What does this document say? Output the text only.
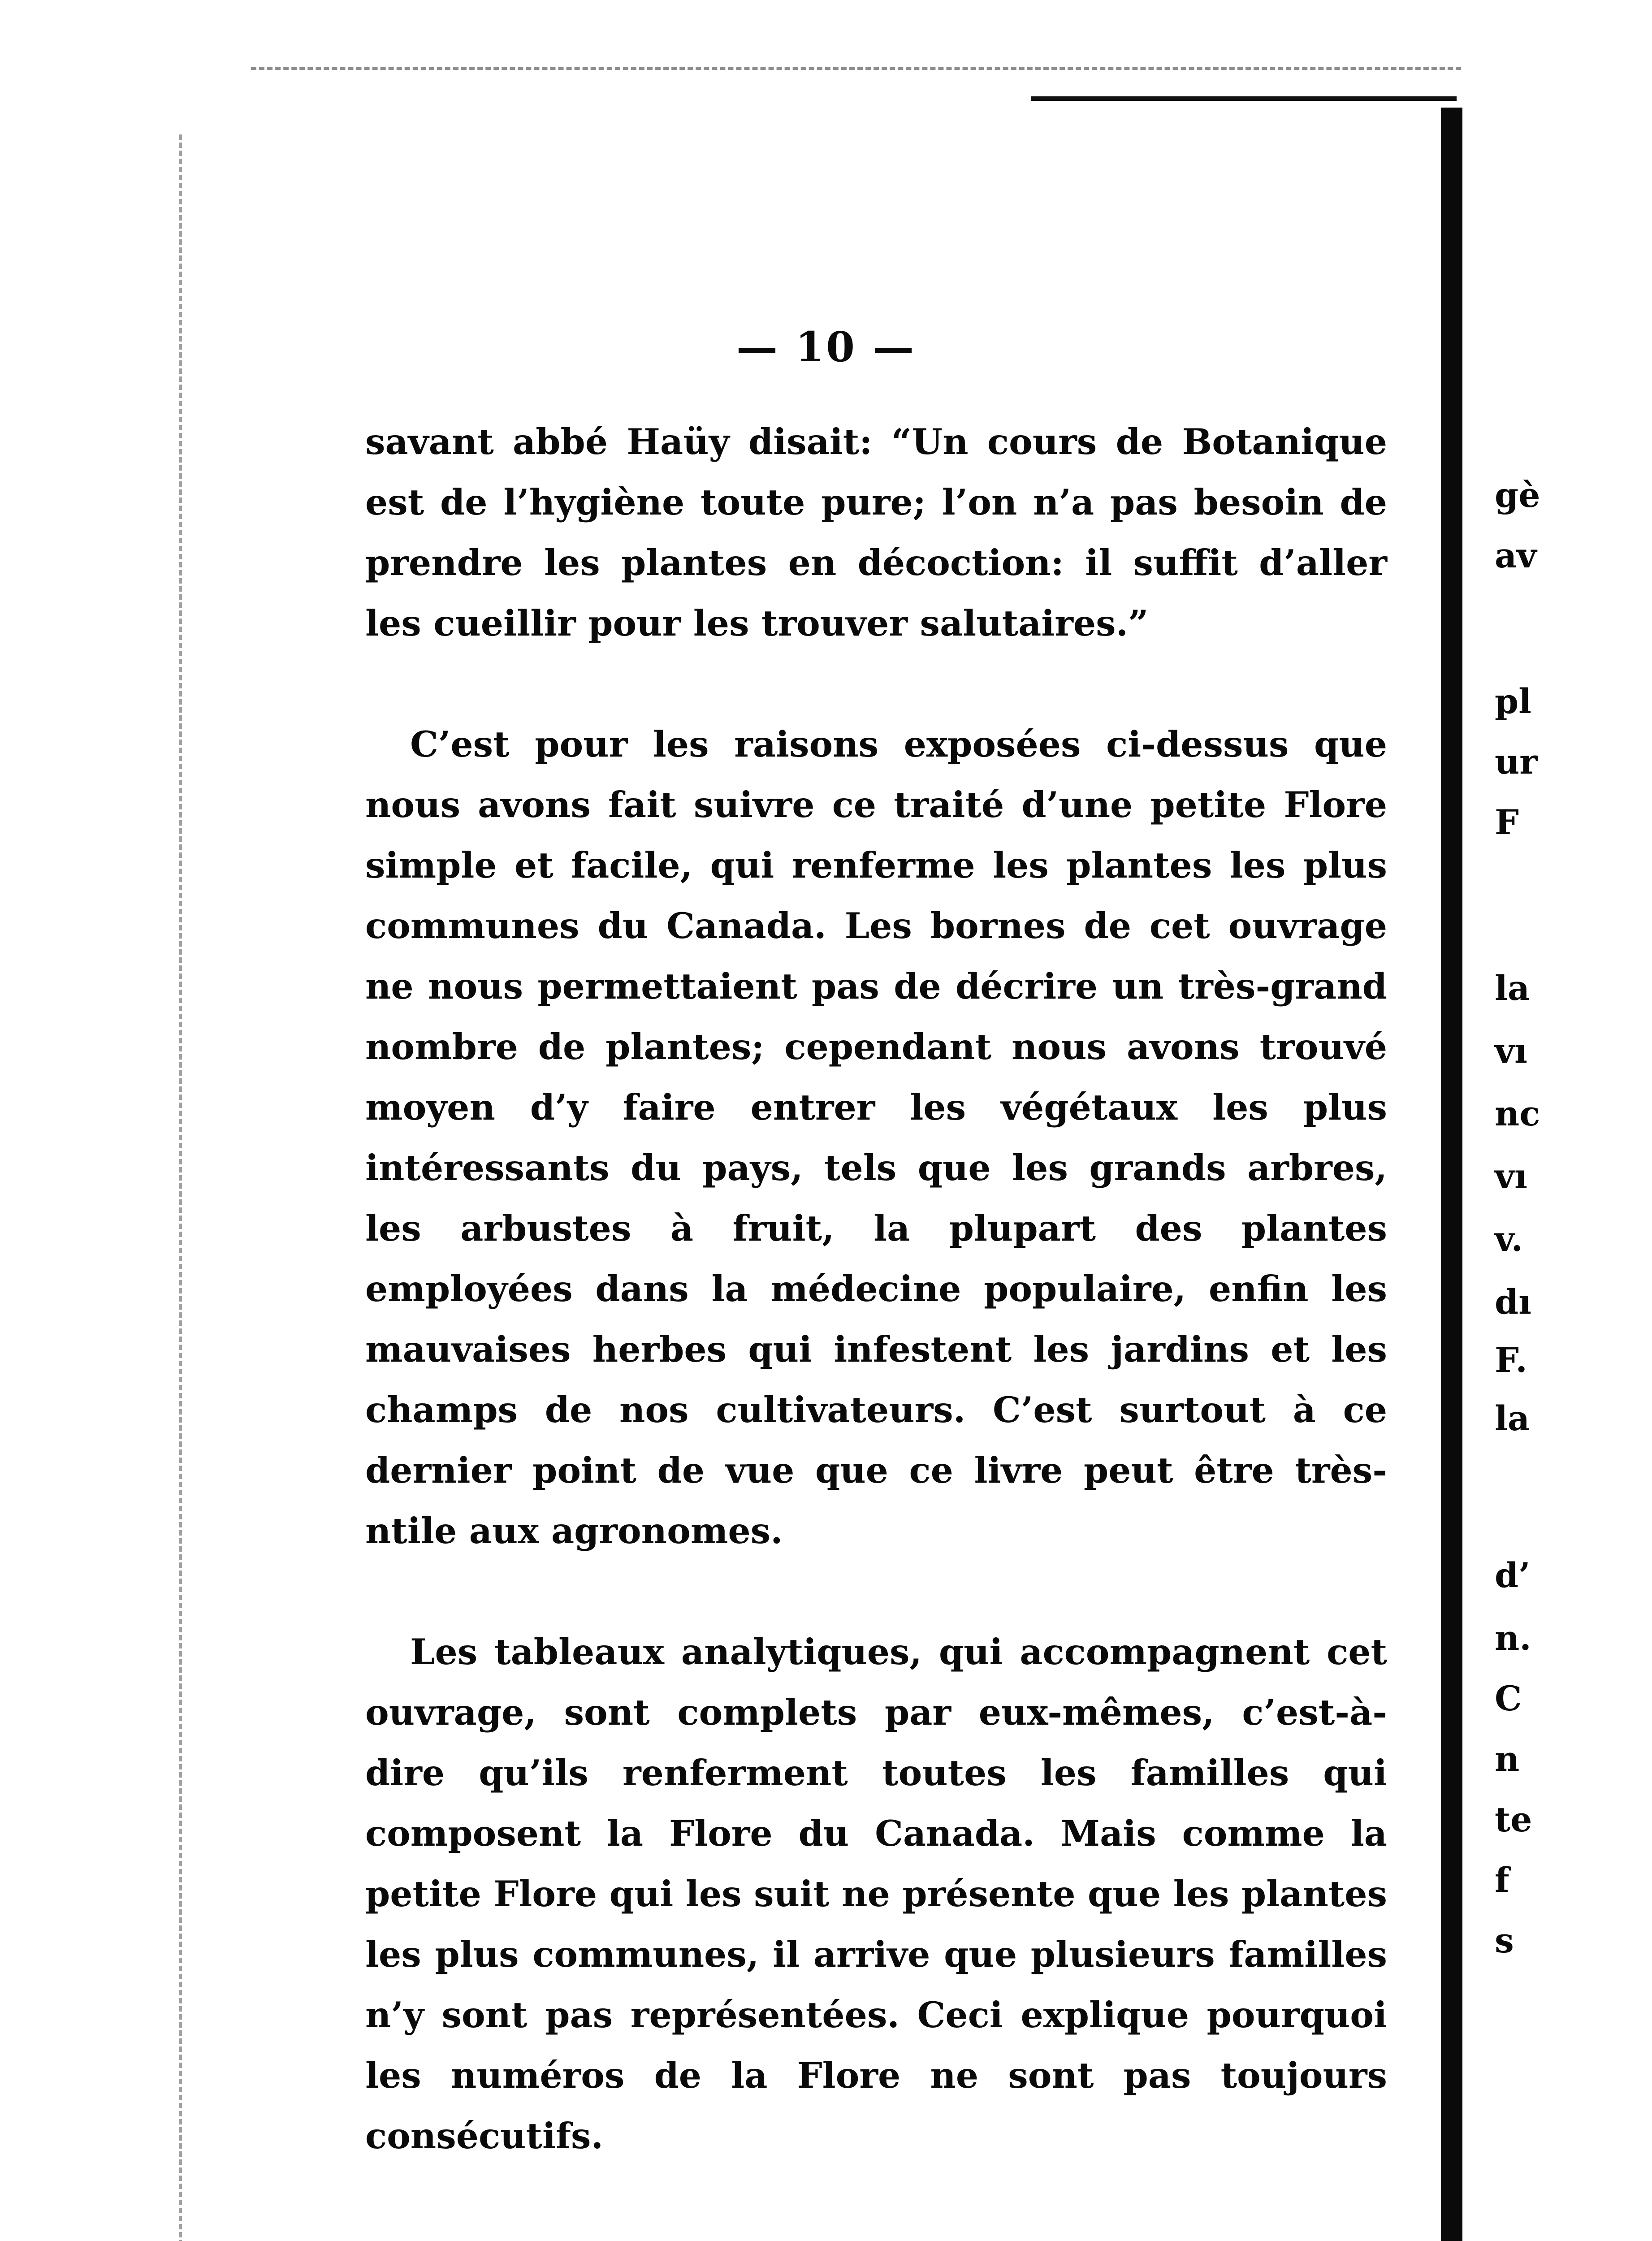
— 10 —

savant abbé Haüy disait: “Un cours de Botanique est de l’hygiène toute pure; l’on n’a pas besoin de prendre les plantes en décoction: il suffit d’aller les cueillir pour les trouver salutaires.”

C’est pour les raisons exposées ci-dessus que nous avons fait suivre ce traité d’une petite Flore simple et facile, qui renferme les plantes les plus communes du Canada. Les bornes de cet ouvrage ne nous permettaient pas de décrire un très-grand nombre de plantes; cependant nous avons trouvé moyen d’y faire entrer les végétaux les plus intéressants du pays, tels que les grands arbres, les arbustes à fruit, la plupart des plantes employées dans la médecine populaire, enfin les mauvaises herbes qui infestent les jardins et les champs de nos cultivateurs. C’est surtout à ce dernier point de vue que ce livre peut être très-ntile aux agronomes.

Les tableaux analytiques, qui accompagnent cet ouvrage, sont complets par eux-mêmes, c’est-à-dire qu’ils renferment toutes les familles qui composent la Flore du Canada. Mais comme la petite Flore qui les suit ne présente que les plantes les plus communes, il arrive que plusieurs familles n’y sont pas représentées. Ceci explique pourquoi les numéros de la Flore ne sont pas toujours consécutifs.

gè
av
pl
ur
F
la
vı
nc
vı
v.
dı
F.
la
d’
n.
C
n
te
f
s
